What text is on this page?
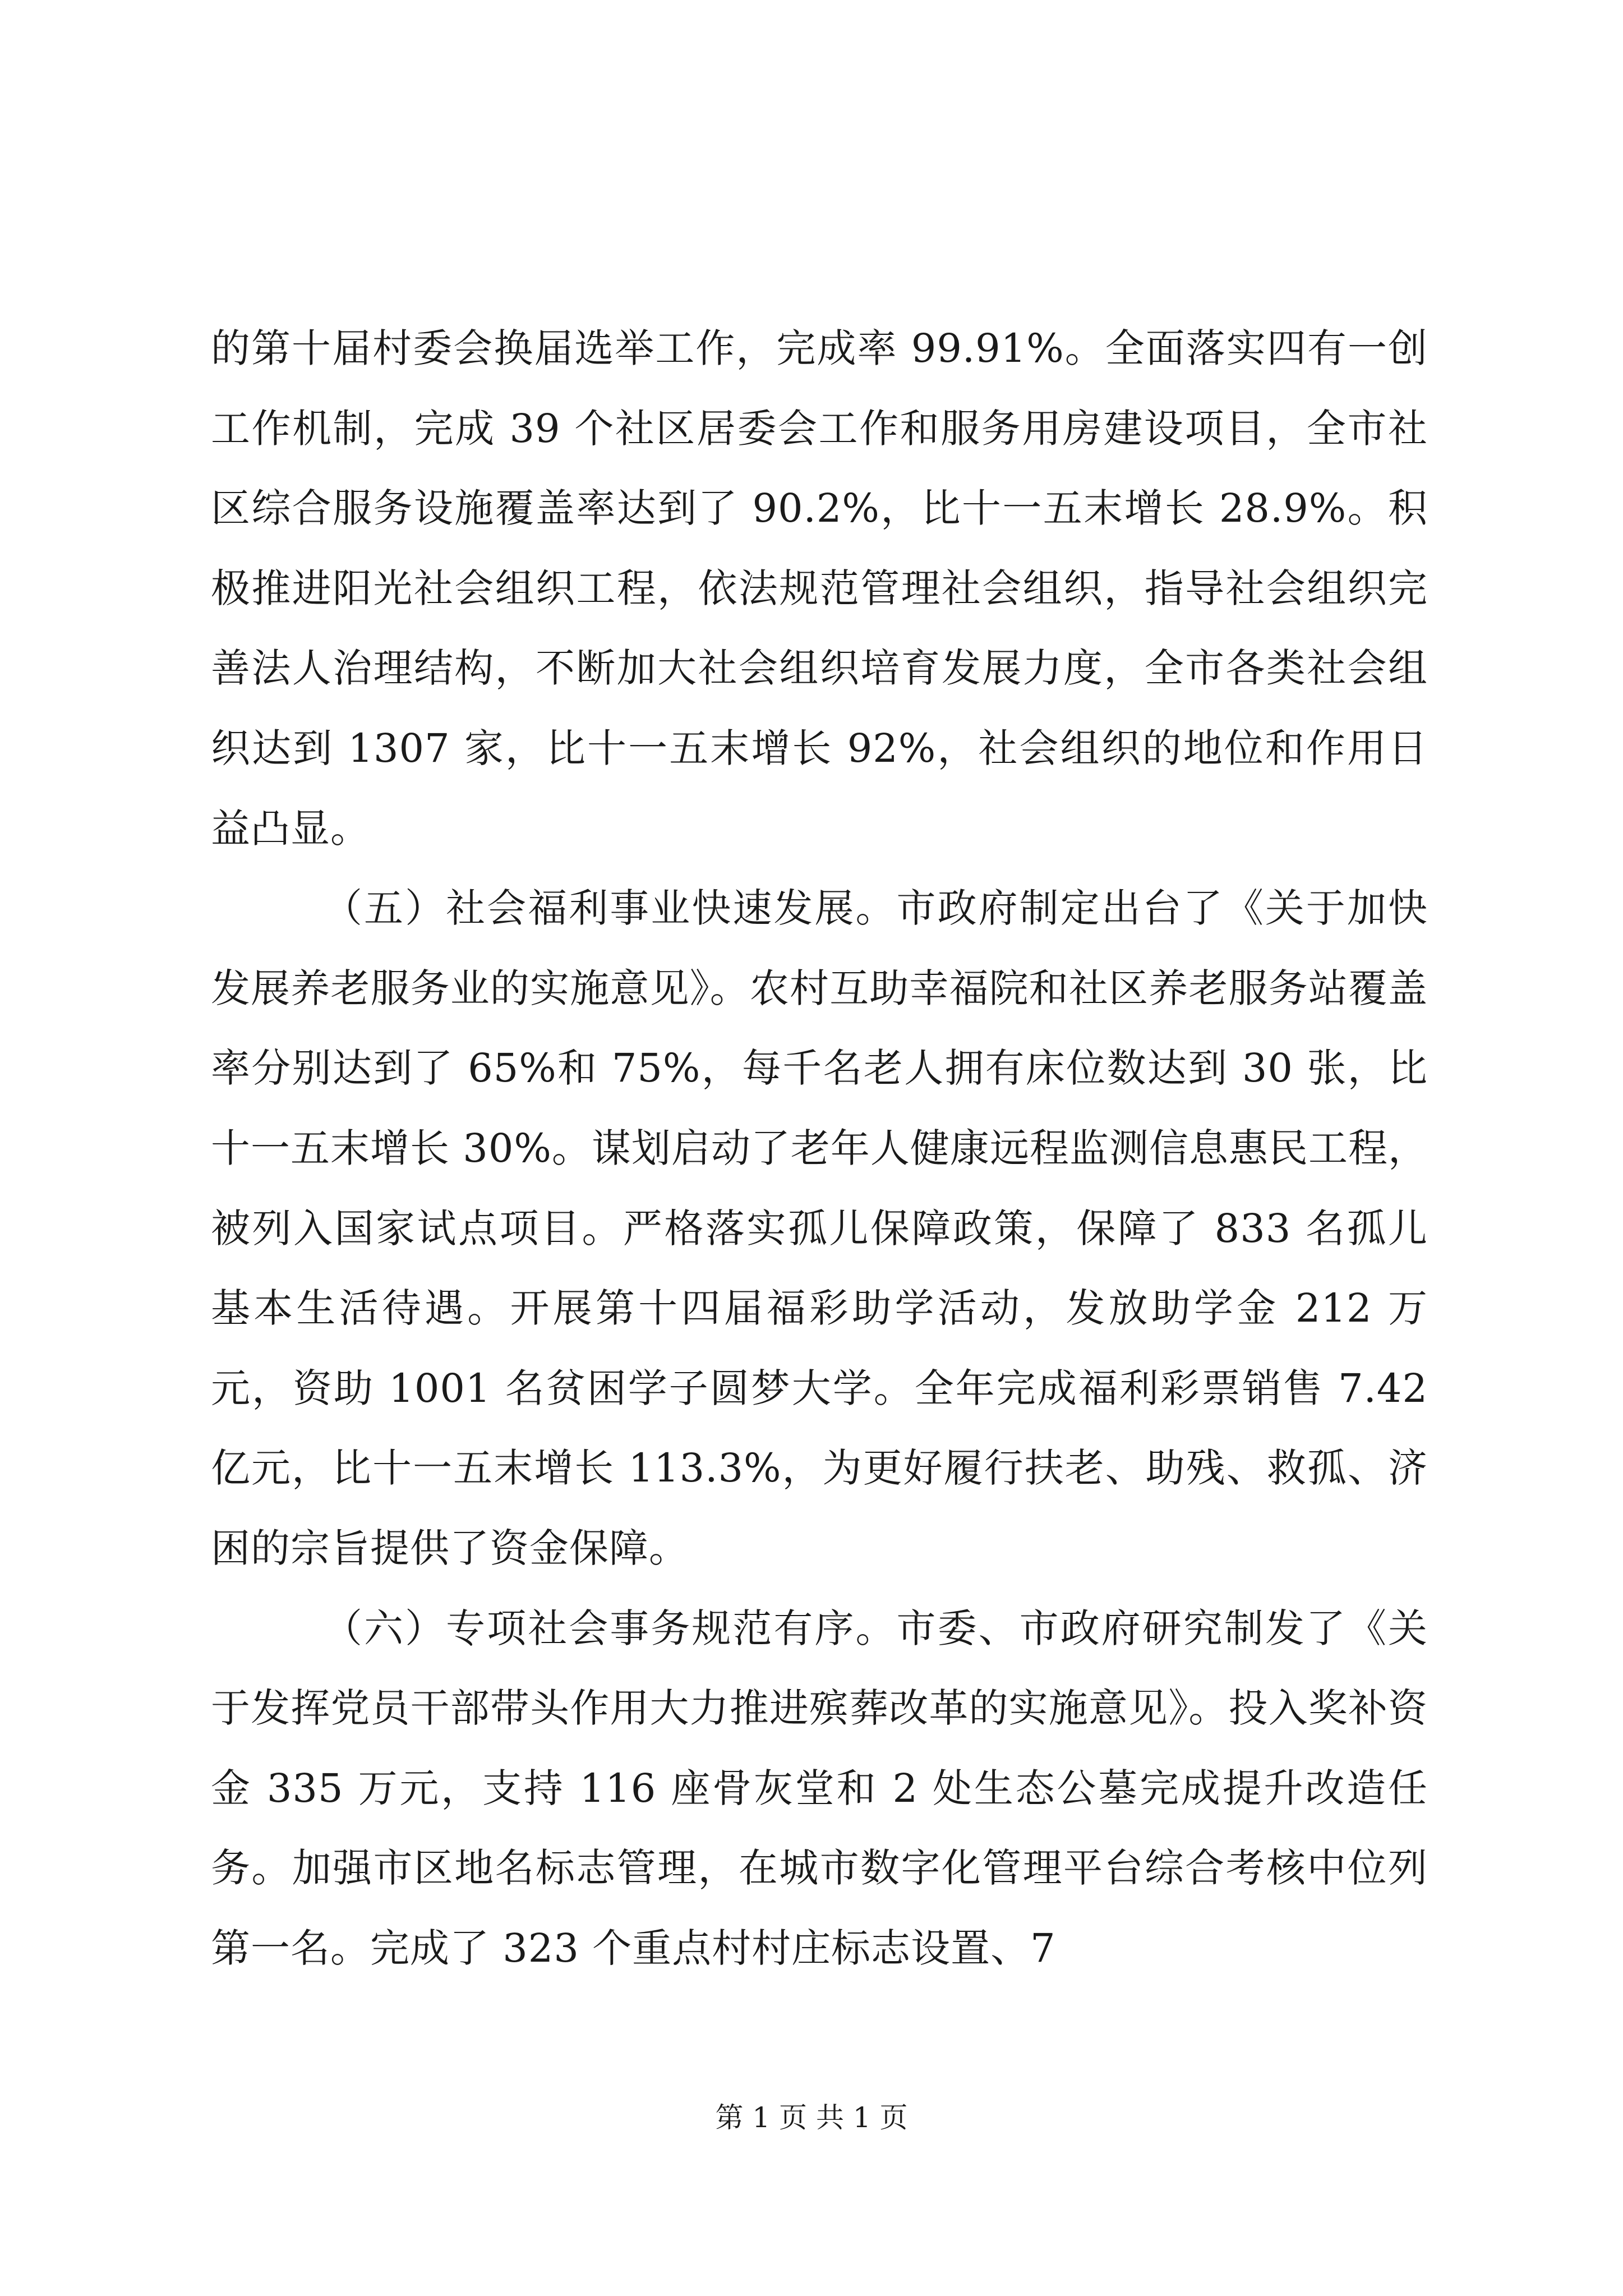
的第十届村委会换届选举工作，完成率 99.91%。全面落实四有一创工作机制，完成 39 个社区居委会工作和服务用房建设项目，全市社区综合服务设施覆盖率达到了 90.2%，比十一五末增长 28.9%。积极推进阳光社会组织工程，依法规范管理社会组织，指导社会组织完善法人治理结构，不断加大社会组织培育发展力度，全市各类社会组织达到 1307 家，比十一五末增长 92%，社会组织的地位和作用日益凸显。

（五）社会福利事业快速发展。市政府制定出台了《关于加快发展养老服务业的实施意见》。农村互助幸福院和社区养老服务站覆盖率分别达到了 65%和 75%，每千名老人拥有床位数达到 30 张，比十一五末增长 30%。谋划启动了老年人健康远程监测信息惠民工程，被列入国家试点项目。严格落实孤儿保障政策，保障了 833 名孤儿基本生活待遇。开展第十四届福彩助学活动，发放助学金 212 万元，资助 1001 名贫困学子圆梦大学。全年完成福利彩票销售 7.42 亿元，比十一五末增长 113.3%，为更好履行扶老、助残、救孤、济困的宗旨提供了资金保障。

（六）专项社会事务规范有序。市委、市政府研究制发了《关于发挥党员干部带头作用大力推进殡葬改革的实施意见》。投入奖补资金 335 万元，支持 116 座骨灰堂和 2 处生态公墓完成提升改造任务。加强市区地名标志管理，在城市数字化管理平台综合考核中位列第一名。完成了 323 个重点村村庄标志设置、7

第 1 页 共 1 页
